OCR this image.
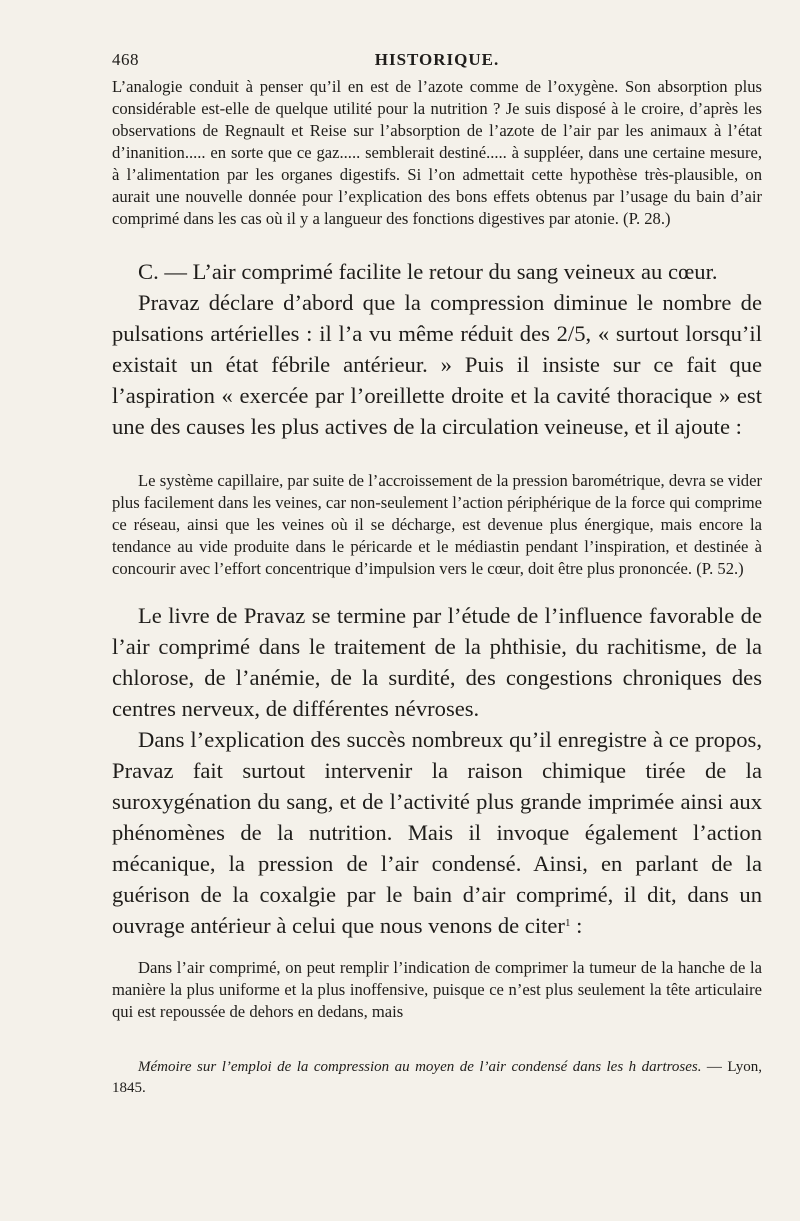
468	HISTORIQUE.

L’analogie conduit à penser qu’il en est de l’azote comme de l’oxygène. Son absorption plus considérable est-elle de quelque utilité pour la nutrition ? Je suis disposé à le croire, d’après les observations de Regnault et Reise sur l’absorption de l’azote de l’air par les animaux à l’état d’inanition..... en sorte que ce gaz..... semblerait destiné..... à suppléer, dans une certaine mesure, à l’alimentation par les organes digestifs. Si l’on admettait cette hypothèse très-plausible, on aurait une nouvelle donnée pour l’explication des bons effets obtenus par l’usage du bain d’air comprimé dans les cas où il y a langueur des fonctions digestives par atonie. (P. 28.)

C. — L’air comprimé facilite le retour du sang veineux au cœur.

Pravaz déclare d’abord que la compression diminue le nombre de pulsations artérielles : il l’a vu même réduit des 2/5, « surtout lorsqu’il existait un état fébrile antérieur. » Puis il insiste sur ce fait que l’aspiration « exercée par l’oreillette droite et la cavité thoracique » est une des causes les plus actives de la circulation veineuse, et il ajoute :

Le système capillaire, par suite de l’accroissement de la pression barométrique, devra se vider plus facilement dans les veines, car non-seulement l’action périphérique de la force qui comprime ce réseau, ainsi que les veines où il se décharge, est devenue plus énergique, mais encore la tendance au vide produite dans le péricarde et le médiastin pendant l’inspiration, et destinée à concourir avec l’effort concentrique d’impulsion vers le cœur, doit être plus prononcée. (P. 52.)

Le livre de Pravaz se termine par l’étude de l’influence favorable de l’air comprimé dans le traitement de la phthisie, du rachitisme, de la chlorose, de l’anémie, de la surdité, des congestions chroniques des centres nerveux, de différentes névroses.

Dans l’explication des succès nombreux qu’il enregistre à ce propos, Pravaz fait surtout intervenir la raison chimique tirée de la suroxygénation du sang, et de l’activité plus grande imprimée ainsi aux phénomènes de la nutrition. Mais il invoque également l’action mécanique, la pression de l’air condensé. Ainsi, en parlant de la guérison de la coxalgie par le bain d’air comprimé, il dit, dans un ouvrage antérieur à celui que nous venons de citer$^1$ :

Dans l’air comprimé, on peut remplir l’indication de comprimer la tumeur de la hanche de la manière la plus uniforme et la plus inoffensive, puisque ce n’est plus seulement la tête articulaire qui est repoussée de dehors en dedans, mais

Mémoire sur l’emploi de la compression au moyen de l’air condensé dans les h dartroses. — Lyon, 1845.
